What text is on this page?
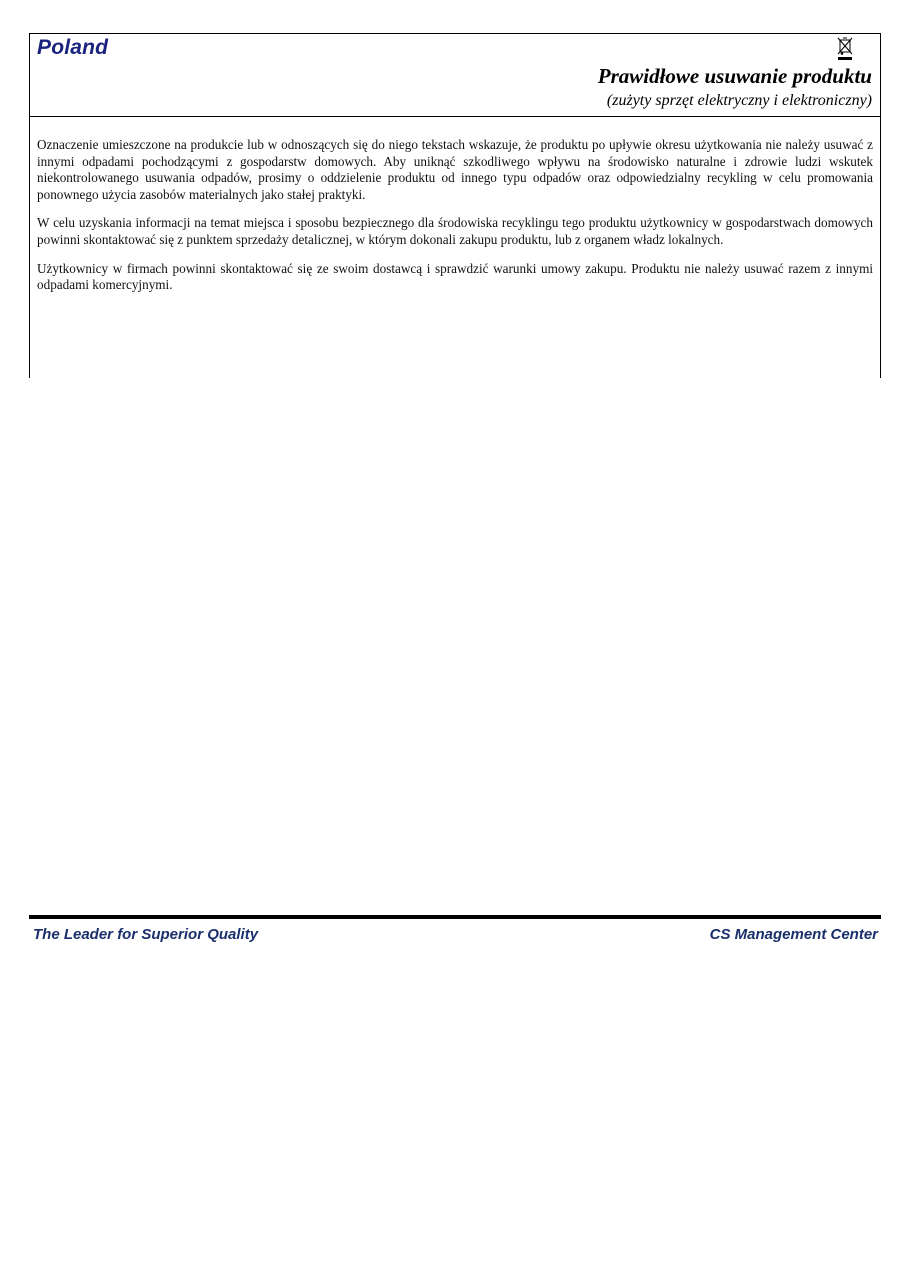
Poland
Prawidłowe usuwanie produktu
(zużyty sprzęt elektryczny i elektroniczny)

Oznaczenie umieszczone na produkcie lub w odnoszących się do niego tekstach wskazuje, że produktu po upływie okresu użytkowania nie należy usuwać z innymi odpadami pochodzącymi z gospodarstw domowych. Aby uniknąć szkodliwego wpływu na środowisko naturalne i zdrowie ludzi wskutek niekontrolowanego usuwania odpadów, prosimy o oddzielenie produktu od innego typu odpadów oraz odpowiedzialny recykling w celu promowania ponownego użycia zasobów materialnych jako stałej praktyki.

W celu uzyskania informacji na temat miejsca i sposobu bezpiecznego dla środowiska recyklingu tego produktu użytkownicy w gospodarstwach domowych powinni skontaktować się z punktem sprzedaży detalicznej, w którym dokonali zakupu produktu, lub z organem władz lokalnych.

Użytkownicy w firmach powinni skontaktować się ze swoim dostawcą i sprawdzić warunki umowy zakupu. Produktu nie należy usuwać razem z innymi odpadami komercyjnymi.

The Leader for Superior Quality	CS Management Center
